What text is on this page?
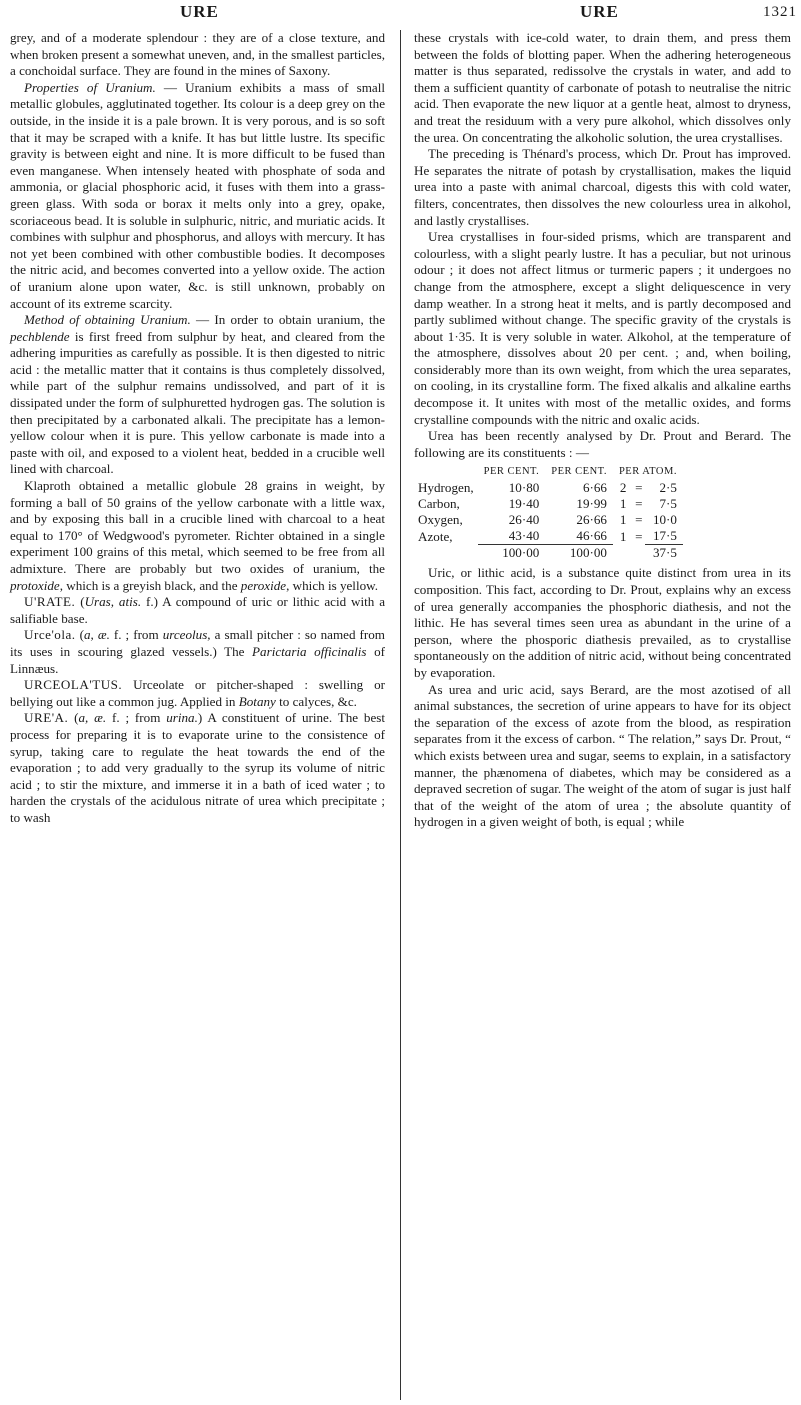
URE	URE	1321

grey, and of a moderate splendour : they are of a close texture, and when broken present a somewhat uneven, and, in the smallest particles, a conchoidal surface. They are found in the mines of Saxony.

Properties of Uranium. — Uranium exhibits a mass of small metallic globules, agglutinated together. Its colour is a deep grey on the outside, in the inside it is a pale brown. It is very porous, and is so soft that it may be scraped with a knife. It has but little lustre. Its specific gravity is between eight and nine. It is more difficult to be fused than even manganese. When intensely heated with phosphate of soda and ammonia, or glacial phosphoric acid, it fuses with them into a grass-green glass. With soda or borax it melts only into a grey, opake, scoriaceous bead. It is soluble in sulphuric, nitric, and muriatic acids. It combines with sulphur and phosphorus, and alloys with mercury. It has not yet been combined with other combustible bodies. It decomposes the nitric acid, and becomes converted into a yellow oxide. The action of uranium alone upon water, &c. is still unknown, probably on account of its extreme scarcity.

Method of obtaining Uranium. — In order to obtain uranium, the pechblende is first freed from sulphur by heat, and cleared from the adhering impurities as carefully as possible. It is then digested to nitric acid : the metallic matter that it contains is thus completely dissolved, while part of the sulphur remains undissolved, and part of it is dissipated under the form of sulphuretted hydrogen gas. The solution is then precipitated by a carbonated alkali. The precipitate has a lemon-yellow colour when it is pure. This yellow carbonate is made into a paste with oil, and exposed to a violent heat, bedded in a crucible well lined with charcoal.

Klaproth obtained a metallic globule 28 grains in weight, by forming a ball of 50 grains of the yellow carbonate with a little wax, and by exposing this ball in a crucible lined with charcoal to a heat equal to 170° of Wedgwood's pyrometer. Richter obtained in a single experiment 100 grains of this metal, which seemed to be free from all admixture. There are probably but two oxides of uranium, the protoxide, which is a greyish black, and the peroxide, which is yellow.

U'RATE. (Uras, atis. f.) A compound of uric or lithic acid with a salifiable base.

Urce'ola. (a, æ. f. ; from urceolus, a small pitcher : so named from its uses in scouring glazed vessels.) The Parictaria officinalis of Linnæus.

URCEOLA'TUS. Urceolate or pitcher-shaped : swelling or bellying out like a common jug. Applied in Botany to calyces, &c.

URE'A. (a, æ. f. ; from urina.) A constituent of urine. The best process for preparing it is to evaporate urine to the consistence of syrup, taking care to regulate the heat towards the end of the evaporation ; to add very gradually to the syrup its volume of nitric acid ; to stir the mixture, and immerse it in a bath of iced water ; to harden the crystals of the acidulous nitrate of urea which precipitate ; to wash

these crystals with ice-cold water, to drain them, and press them between the folds of blotting paper. When the adhering heterogeneous matter is thus separated, redissolve the crystals in water, and add to them a sufficient quantity of carbonate of potash to neutralise the nitric acid. Then evaporate the new liquor at a gentle heat, almost to dryness, and treat the residuum with a very pure alkohol, which dissolves only the urea. On concentrating the alkoholic solution, the urea crystallises.

The preceding is Thénard's process, which Dr. Prout has improved. He separates the nitrate of potash by crystallisation, makes the liquid urea into a paste with animal charcoal, digests this with cold water, filters, concentrates, then dissolves the new colourless urea in alkohol, and lastly crystallises.

Urea crystallises in four-sided prisms, which are transparent and colourless, with a slight pearly lustre. It has a peculiar, but not urinous odour ; it does not affect litmus or turmeric papers ; it undergoes no change from the atmosphere, except a slight deliquescence in very damp weather. In a strong heat it melts, and is partly decomposed and partly sublimed without change. The specific gravity of the crystals is about 1·35. It is very soluble in water. Alkohol, at the temperature of the atmosphere, dissolves about 20 per cent. ; and, when boiling, considerably more than its own weight, from which the urea separates, on cooling, in its crystalline form. The fixed alkalis and alkaline earths decompose it. It unites with most of the metallic oxides, and forms crystalline compounds with the nitric and oxalic acids.

Urea has been recently analysed by Dr. Prout and Berard. The following are its constituents : —

	PER CENT.	PER CENT.	PER ATOM.		
Hydrogen,	10·80	6·66	2	=	2·5
Carbon,	19·40	19·99	1	=	7·5
Oxygen,	26·40	26·66	1	=	10·0
Azote,	43·40	46·66	1	=	17·5
	100·00	100·00			37·5

Uric, or lithic acid, is a substance quite distinct from urea in its composition. This fact, according to Dr. Prout, explains why an excess of urea generally accompanies the phosphoric diathesis, and not the lithic. He has several times seen urea as abundant in the urine of a person, where the phosporic diathesis prevailed, as to crystallise spontaneously on the addition of nitric acid, without being concentrated by evaporation.

As urea and uric acid, says Berard, are the most azotised of all animal substances, the secretion of urine appears to have for its object the separation of the excess of azote from the blood, as respiration separates from it the excess of carbon. “ The relation,” says Dr. Prout, “ which exists between urea and sugar, seems to explain, in a satisfactory manner, the phænomena of diabetes, which may be considered as a depraved secretion of sugar. The weight of the atom of sugar is just half that of the weight of the atom of urea ; the absolute quantity of hydrogen in a given weight of both, is equal ; while
